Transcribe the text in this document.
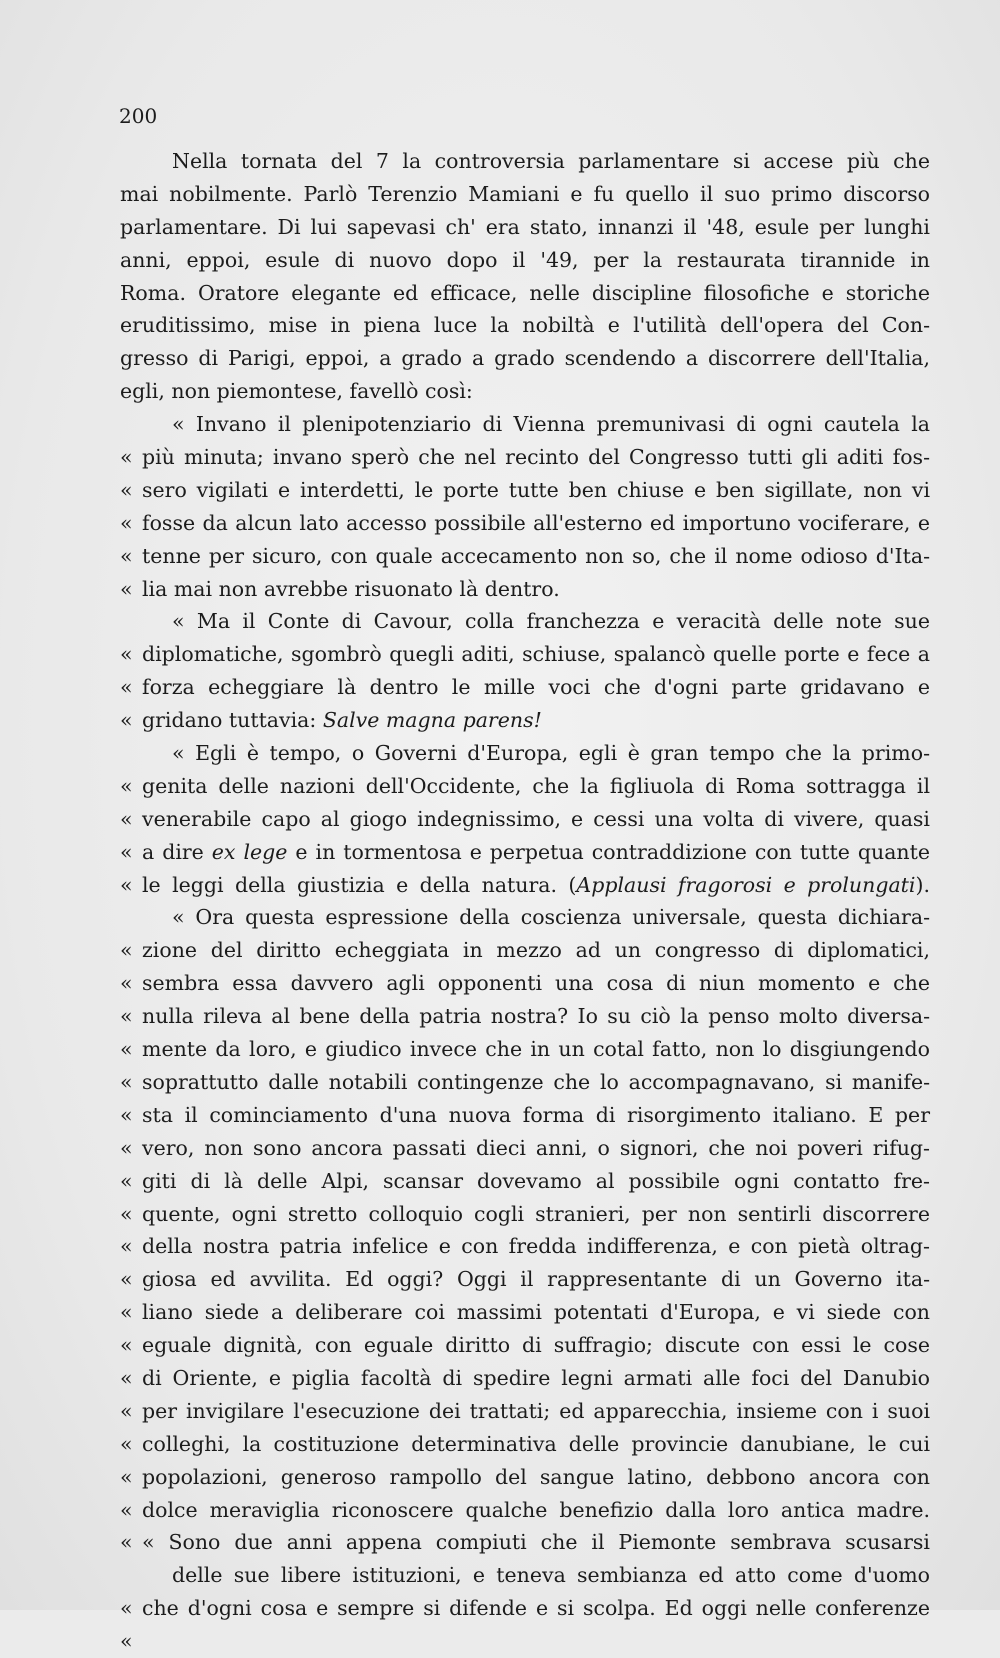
200
Nella tornata del 7 la controversia parlamentare si accese più che
mai nobilmente. Parlò Terenzio Mamiani e fu quello il suo primo discorso
parlamentare. Di lui sapevasi ch' era stato, innanzi il '48, esule per lunghi
anni, eppoi, esule di nuovo dopo il '49, per la restaurata tirannide in
Roma. Oratore elegante ed efficace, nelle discipline filosofiche e storiche
eruditissimo, mise in piena luce la nobiltà e l'utilità dell'opera del Con-
gresso di Parigi, eppoi, a grado a grado scendendo a discorrere dell'Italia,
egli, non piemontese, favellò così:
« Invano il plenipotenziario di Vienna premunivasi di ogni cautela la
« più minuta; invano sperò che nel recinto del Congresso tutti gli aditi fos-
« sero vigilati e interdetti, le porte tutte ben chiuse e ben sigillate, non vi
« fosse da alcun lato accesso possibile all'esterno ed importuno vociferare, e
« tenne per sicuro, con quale accecamento non so, che il nome odioso d'Ita-
« lia mai non avrebbe risuonato là dentro.
« Ma il Conte di Cavour, colla franchezza e veracità delle note sue
« diplomatiche, sgombrò quegli aditi, schiuse, spalancò quelle porte e fece a
« forza echeggiare là dentro le mille voci che d'ogni parte gridavano e
« gridano tuttavia: Salve magna parens!
« Egli è tempo, o Governi d'Europa, egli è gran tempo che la primo-
« genita delle nazioni dell'Occidente, che la figliuola di Roma sottragga il
« venerabile capo al giogo indegnissimo, e cessi una volta di vivere, quasi
« a dire ex lege e in tormentosa e perpetua contraddizione con tutte quante
« le leggi della giustizia e della natura. (Applausi fragorosi e prolungati).
« Ora questa espressione della coscienza universale, questa dichiara-
« zione del diritto echeggiata in mezzo ad un congresso di diplomatici,
« sembra essa davvero agli opponenti una cosa di niun momento e che
« nulla rileva al bene della patria nostra? Io su ciò la penso molto diversa-
« mente da loro, e giudico invece che in un cotal fatto, non lo disgiungendo
« soprattutto dalle notabili contingenze che lo accompagnavano, si manife-
« sta il cominciamento d'una nuova forma di risorgimento italiano. E per
« vero, non sono ancora passati dieci anni, o signori, che noi poveri rifug-
« giti di là delle Alpi, scansar dovevamo al possibile ogni contatto fre-
« quente, ogni stretto colloquio cogli stranieri, per non sentirli discorrere
« della nostra patria infelice e con fredda indifferenza, e con pietà oltrag-
« giosa ed avvilita. Ed oggi? Oggi il rappresentante di un Governo ita-
« liano siede a deliberare coi massimi potentati d'Europa, e vi siede con
« eguale dignità, con eguale diritto di suffragio; discute con essi le cose
« di Oriente, e piglia facoltà di spedire legni armati alle foci del Danubio
« per invigilare l'esecuzione dei trattati; ed apparecchia, insieme con i suoi
« colleghi, la costituzione determinativa delle provincie danubiane, le cui
« popolazioni, generoso rampollo del sangue latino, debbono ancora con
« dolce meraviglia riconoscere qualche benefizio dalla loro antica madre.
« « Sono due anni appena compiuti che il Piemonte sembrava scusarsi
delle sue libere istituzioni, e teneva sembianza ed atto come d'uomo
« che d'ogni cosa e sempre si difende e si scolpa. Ed oggi nelle conferenze
«
